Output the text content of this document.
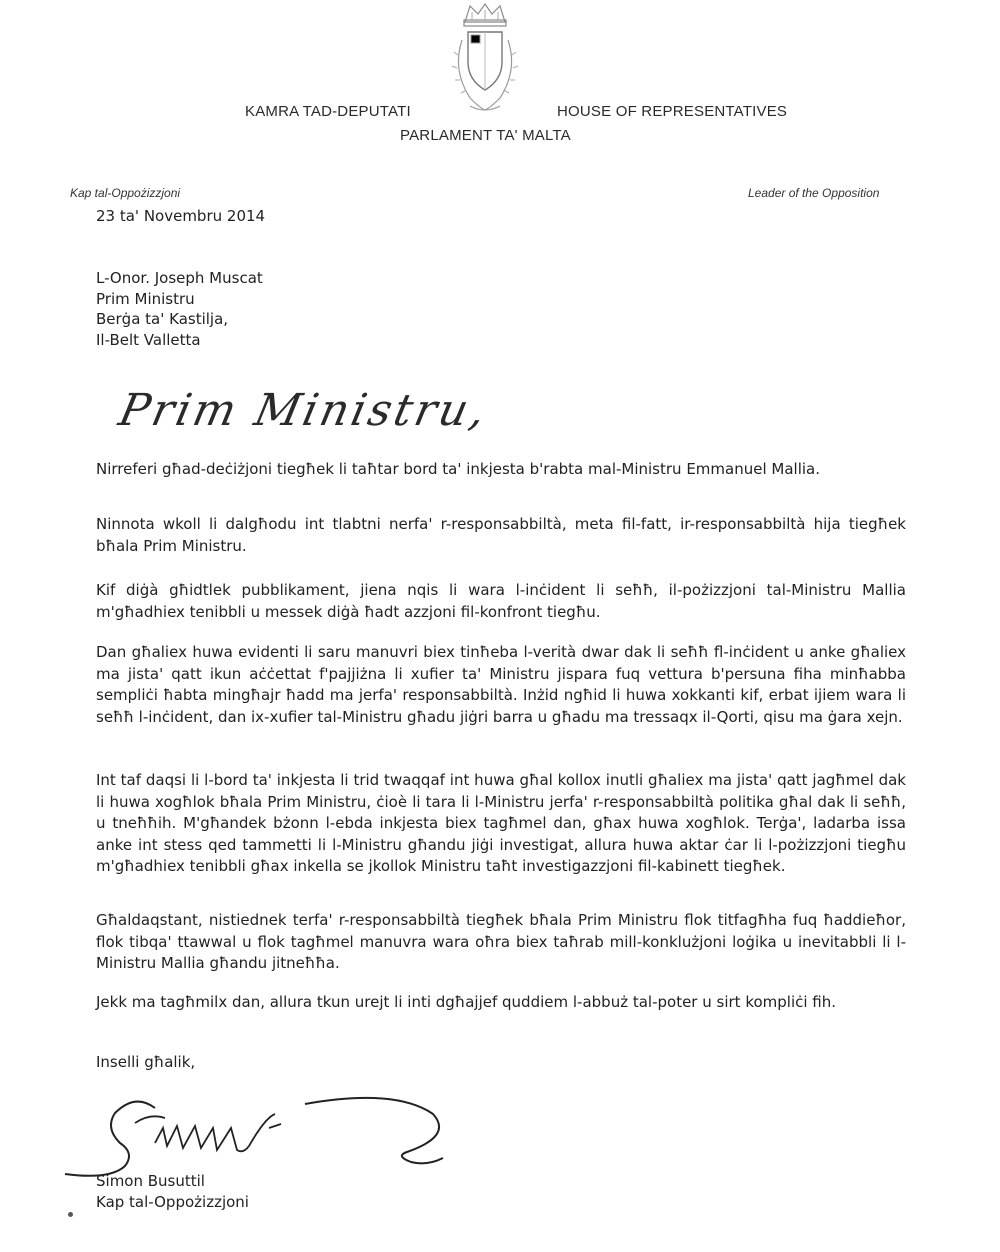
KAMRA TAD-DEPUTATI	HOUSE OF REPRESENTATIVES
PARLAMENT TA' MALTA
Kap tal-Oppożizzjoni	Leader of the Opposition
23 ta' Novembru 2014
L-Onor. Joseph Muscat
Prim Ministru
Berġa ta' Kastilja,
Il-Belt Valletta
Prim Ministru,

Nirreferi għad-deċiżjoni tiegħek li taħtar bord ta' inkjesta b'rabta mal-Ministru Emmanuel Mallia.

Ninnota wkoll li dalgħodu int tlabtni nerfa' r-responsabbiltà, meta fil-fatt, ir-responsabbiltà hija tiegħek bħala Prim Ministru.

Kif diġà għidtlek pubblikament, jiena nqis li wara l-inċident li seħħ, il-pożizzjoni tal-Ministru Mallia m'għadhiex tenibbli u messek diġà ħadt azzjoni fil-konfront tiegħu.

Dan għaliex huwa evidenti li saru manuvri biex tinħeba l-verità dwar dak li seħħ fl-inċident u anke għaliex ma jista' qatt ikun aċċettat f'pajjiżna li xufier ta' Ministru jispara fuq vettura b'persuna fiha minħabba sempliċi ħabta mingħajr ħadd ma jerfa' responsabbiltà. Inżid ngħid li huwa xokkanti kif, erbat ijiem wara li seħħ l-inċident, dan ix-xufier tal-Ministru għadu jiġri barra u għadu ma tressaqx il-Qorti, qisu ma ġara xejn.

Int taf daqsi li l-bord ta' inkjesta li trid twaqqaf int huwa għal kollox inutli għaliex ma jista' qatt jagħmel dak li huwa xogħlok bħala Prim Ministru, ċioè li tara li l-Ministru jerfa' r-responsabbiltà politika għal dak li seħħ, u tneħħih. M'għandek bżonn l-ebda inkjesta biex tagħmel dan, għax huwa xogħlok. Terġa', ladarba issa anke int stess qed tammetti li l-Ministru għandu jiġi investigat, allura huwa aktar ċar li l-pożizzjoni tiegħu m'għadhiex tenibbli għax inkella se jkollok Ministru taħt investigazzjoni fil-kabinett tiegħek.

Għaldaqstant, nistiednek terfa' r-responsabbiltà tiegħek bħala Prim Ministru flok titfagħha fuq ħaddieħor, flok tibqa' ttawwal u flok tagħmel manuvra wara oħra biex taħrab mill-konklużjoni loġika u inevitabbli li l-Ministru Mallia għandu jitneħħa.

Jekk ma tagħmilx dan, allura tkun urejt li inti dgħajjef quddiem l-abbuż tal-poter u sirt kompliċi fih.

Inselli għalik,
Simon Busuttil
Kap tal-Oppożizzjoni
